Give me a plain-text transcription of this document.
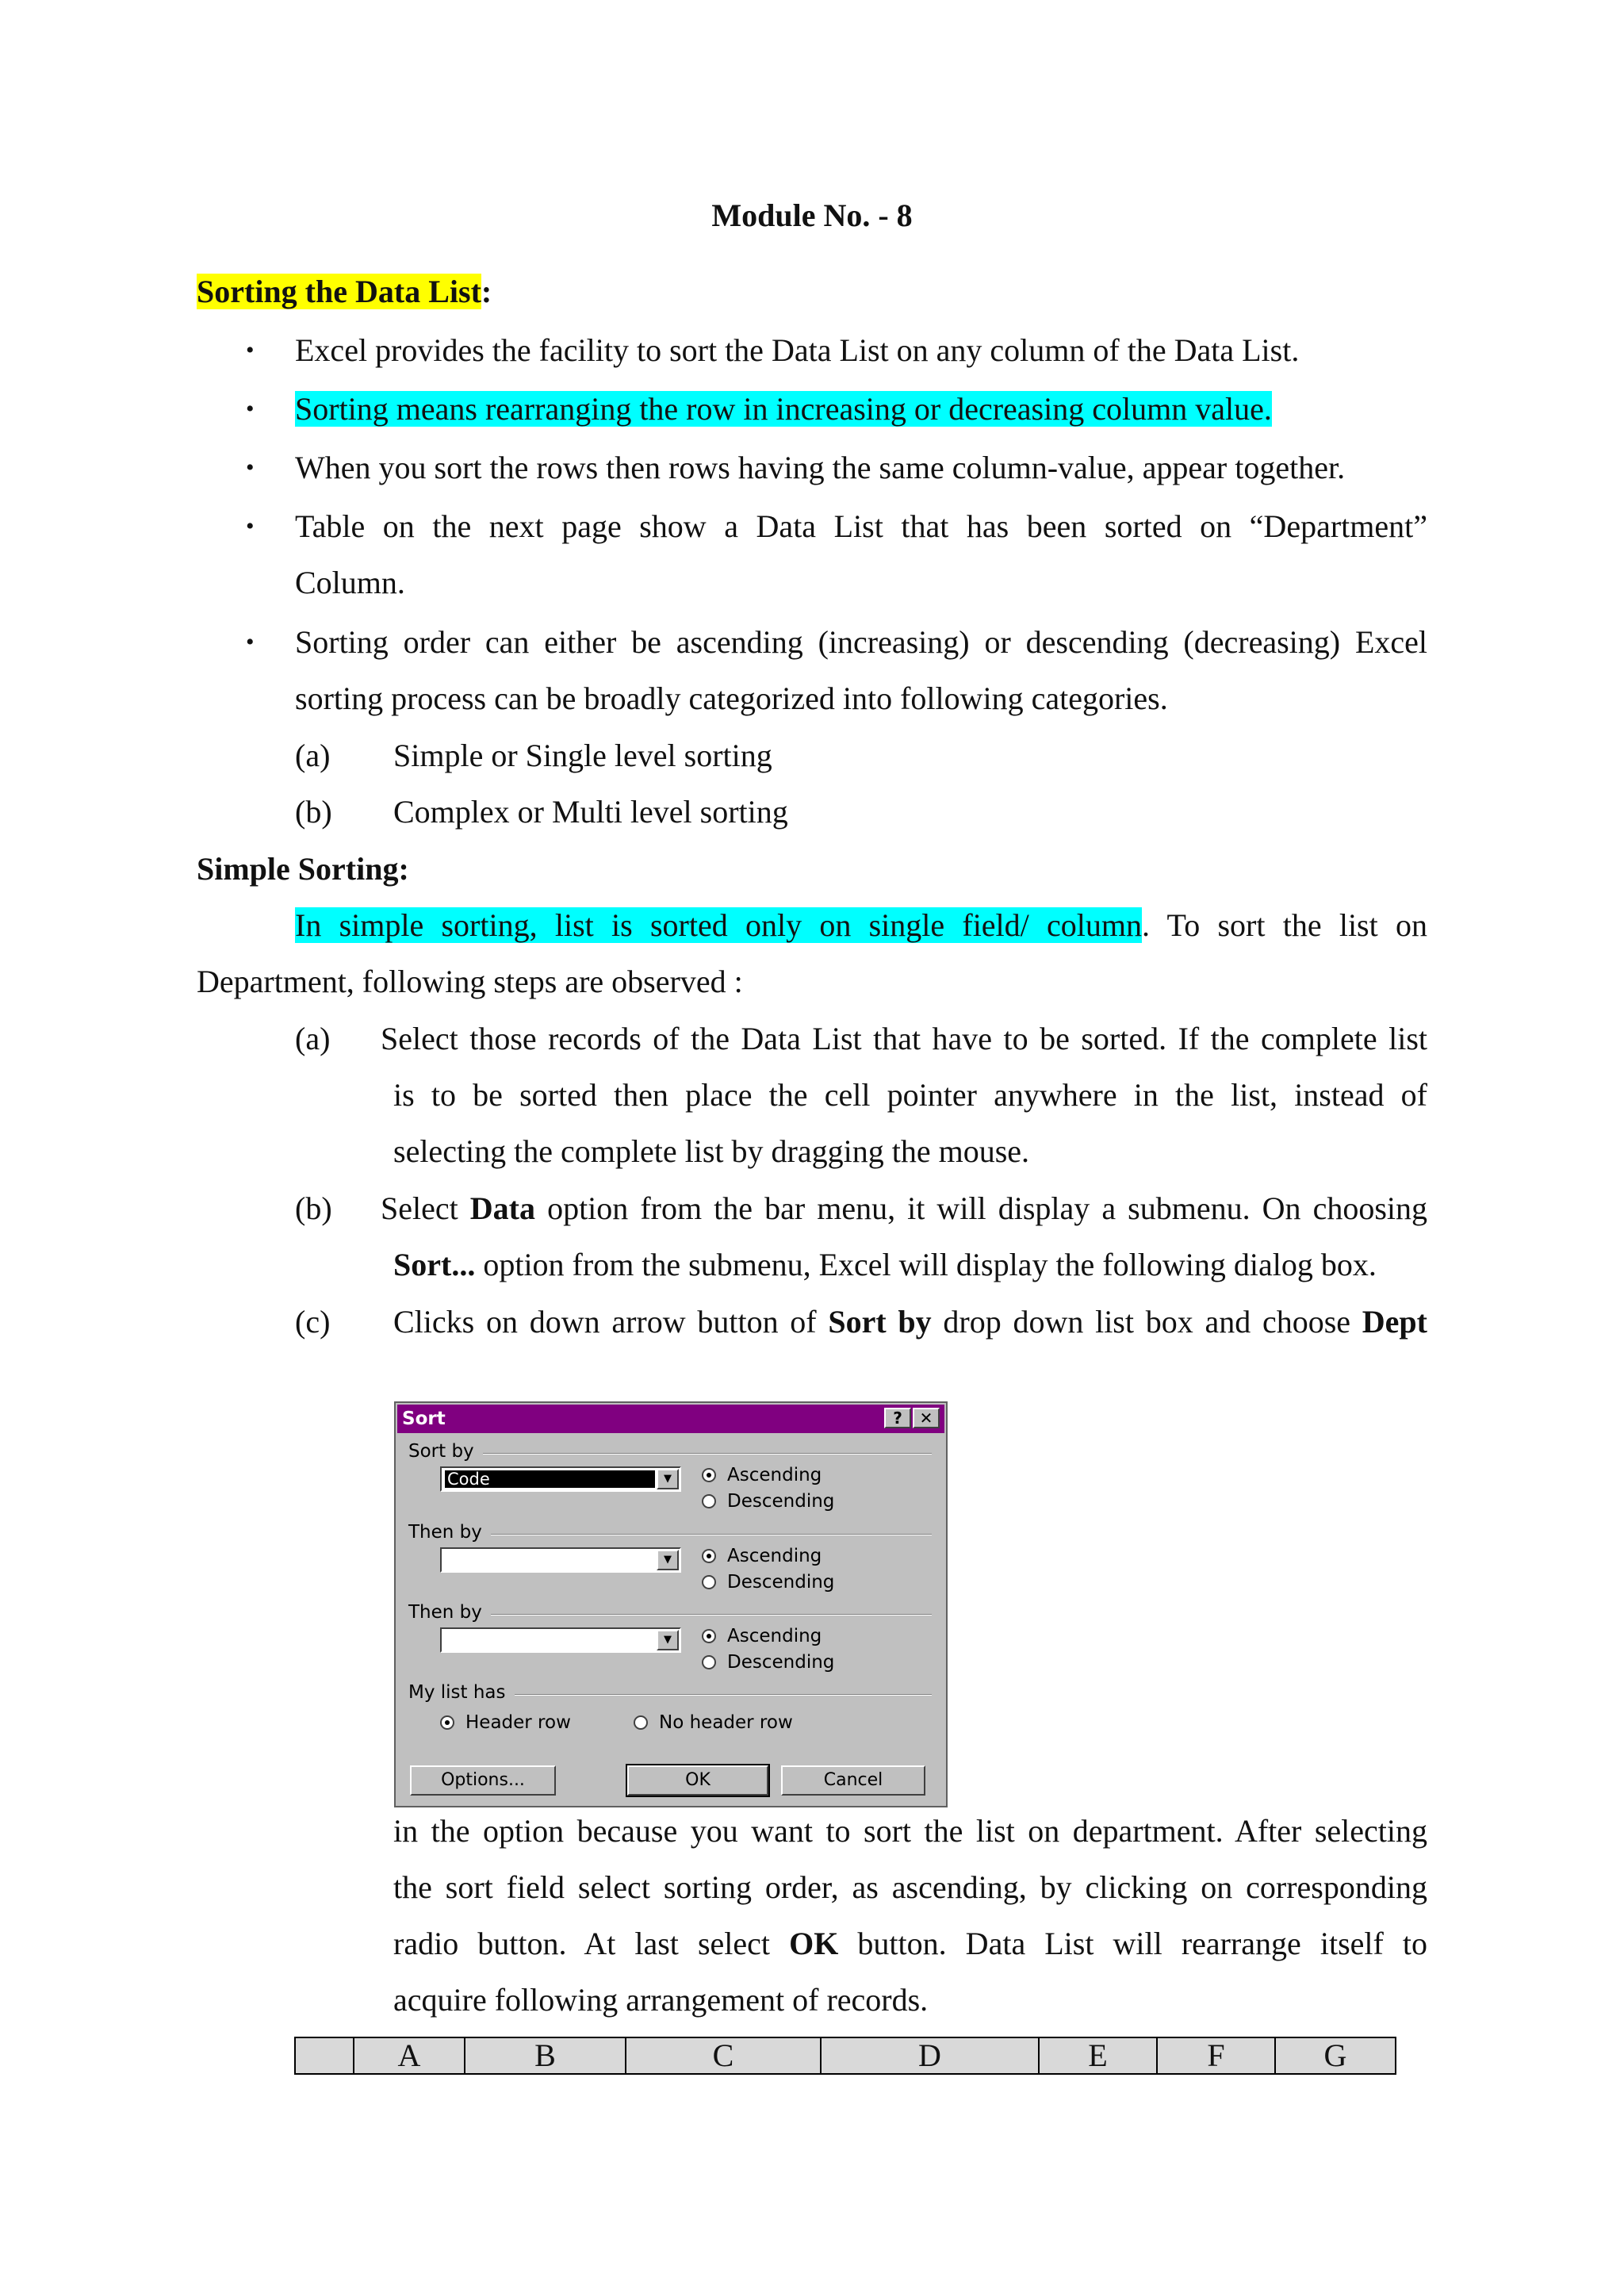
Module No. - 8
Sorting the Data List:
• Excel provides the facility to sort the Data List on any column of the Data List.
• Sorting means rearranging the row in increasing or decreasing column value.
• When you sort the rows then rows having the same column-value, appear together.
• Table on the next page show a Data List that has been sorted on “Department”
Column.
• Sorting order can either be ascending (increasing) or descending (decreasing) Excel
sorting process can be broadly categorized into following categories.
(a) Simple or Single level sorting
(b) Complex or Multi level sorting
Simple Sorting:
In simple sorting, list is sorted only on single field/ column. To sort the list on
Department, following steps are observed :
(a) Select those records of the Data List that have to be sorted. If the complete list
is to be sorted then place the cell pointer anywhere in the list, instead of
selecting the complete list by dragging the mouse.
(b) Select Data option from the bar menu, it will display a submenu. On choosing
Sort... option from the submenu, Excel will display the following dialog box.
(c) Clicks on down arrow button of Sort by drop down list box and choose Dept
Sort	?	✕
Sort by
Code	▼	Ascending
Descending
Then by
▼	Ascending
Descending
Then by
▼	Ascending
Descending
My list has
Header row	No header row
Options...	OK	Cancel
in the option because you want to sort the list on department. After selecting
the sort field select sorting order, as ascending, by clicking on corresponding
radio button. At last select OK button. Data List will rearrange itself to
acquire following arrangement of records.
A	B	C	D	E	F	G
